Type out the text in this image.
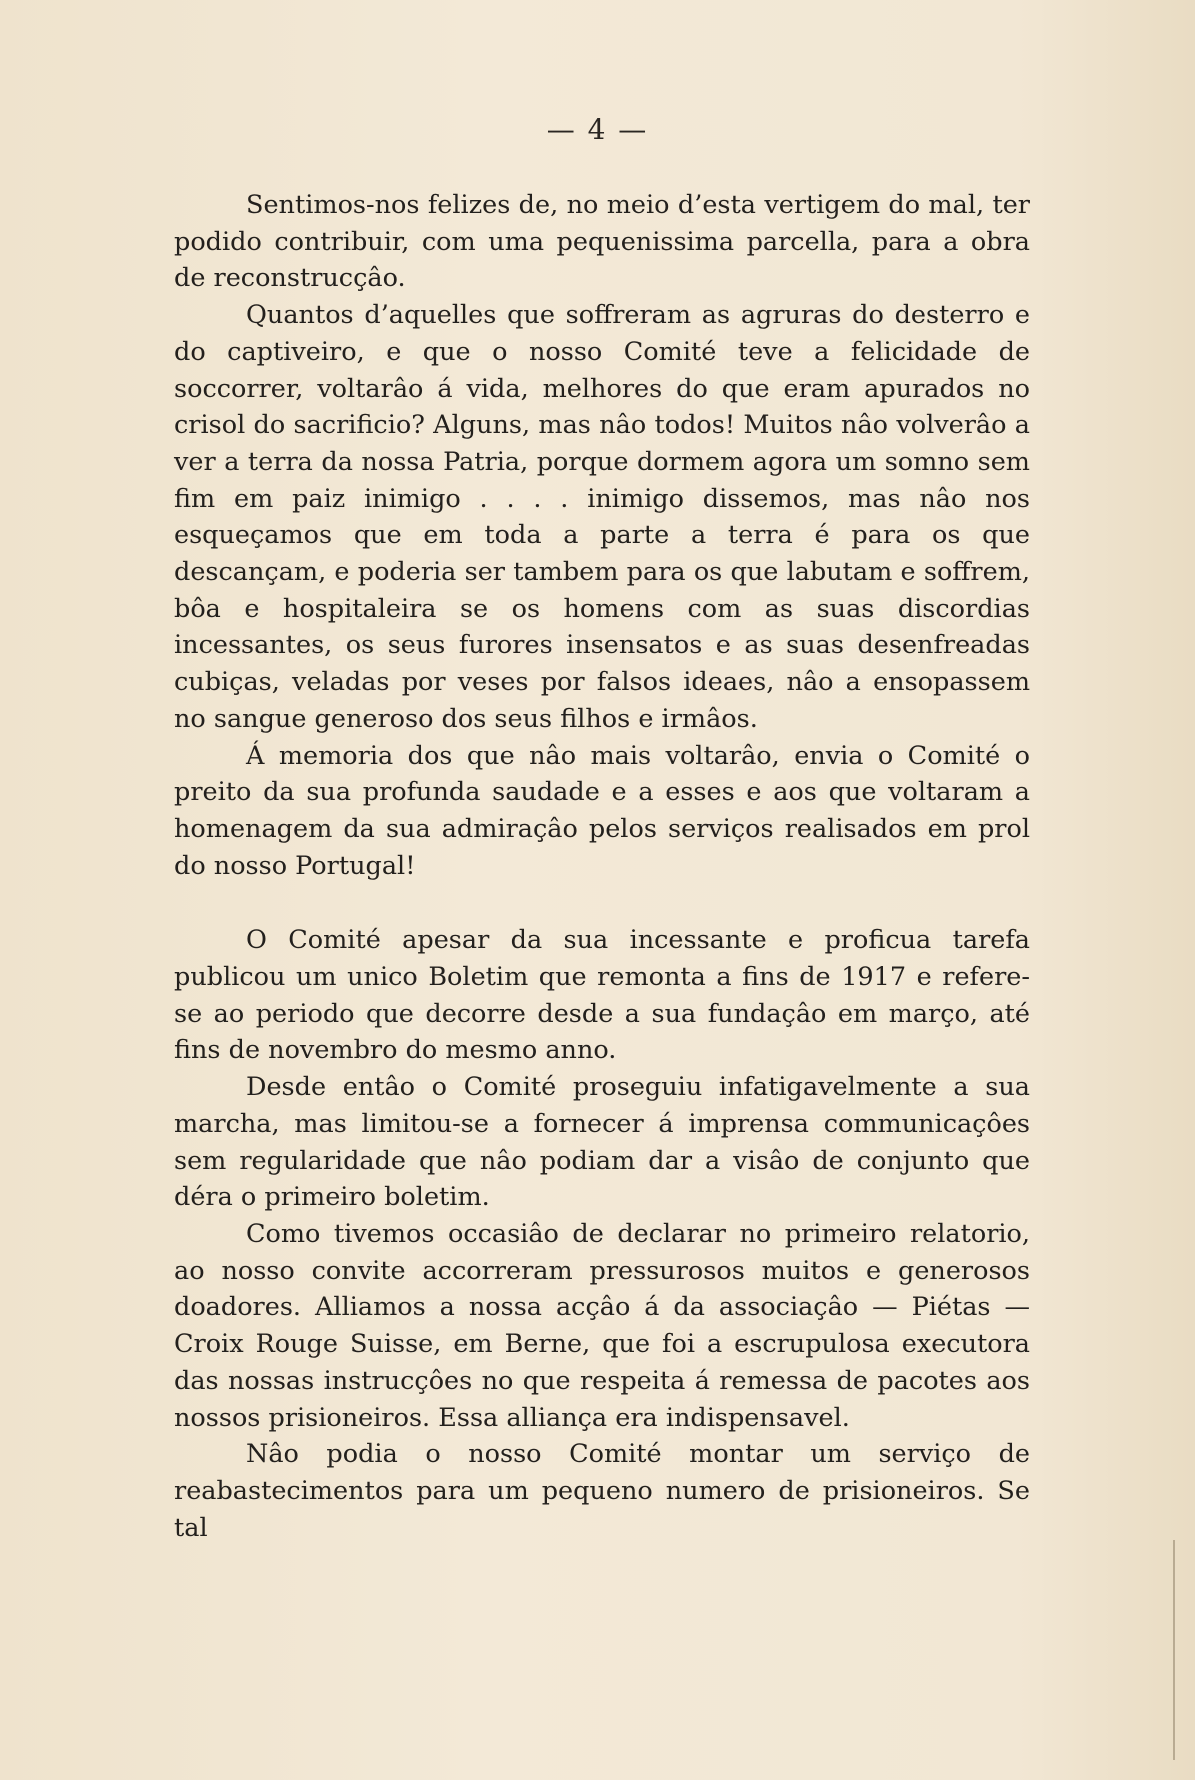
— 4 —

Sentimos-nos felizes de, no meio d’esta vertigem do mal, ter podido contribuir, com uma pequenissima parcella, para a obra de reconstrucçâo.

Quantos d’aquelles que soffreram as agruras do desterro e do captiveiro, e que o nosso Comité teve a felicidade de soccorrer, voltarâo á vida, melhores do que eram apurados no crisol do sacrificio? Alguns, mas nâo todos! Muitos nâo volverâo a ver a terra da nossa Patria, porque dormem agora um somno sem fim em paiz inimigo . . . . inimigo dissemos, mas nâo nos esqueçamos que em toda a parte a terra é para os que descançam, e poderia ser tambem para os que labutam e soffrem, bôa e hospitaleira se os homens com as suas discordias incessantes, os seus furores insensatos e as suas desenfreadas cubiças, veladas por veses por falsos ideaes, nâo a ensopassem no sangue generoso dos seus filhos e irmâos.

Á memoria dos que nâo mais voltarâo, envia o Comité o preito da sua profunda saudade e a esses e aos que voltaram a homenagem da sua admiraçâo pelos serviços realisados em prol do nosso Portugal!

O Comité apesar da sua incessante e proficua tarefa publicou um unico Boletim que remonta a fins de 1917 e refere-se ao periodo que decorre desde a sua fundaçâo em março, até fins de novembro do mesmo anno.

Desde entâo o Comité proseguiu infatigavelmente a sua marcha, mas limitou-se a fornecer á imprensa communicaçôes sem regularidade que nâo podiam dar a visâo de conjunto que déra o primeiro boletim.

Como tivemos occasiâo de declarar no primeiro relatorio, ao nosso convite accorreram pressurosos muitos e generosos doadores. Alliamos a nossa acçâo á da associaçâo — Piétas — Croix Rouge Suisse, em Berne, que foi a escrupulosa executora das nossas instrucçôes no que respeita á remessa de pacotes aos nossos prisioneiros. Essa alliança era indispensavel.

Nâo podia o nosso Comité montar um serviço de reabastecimentos para um pequeno numero de prisioneiros. Se tal
